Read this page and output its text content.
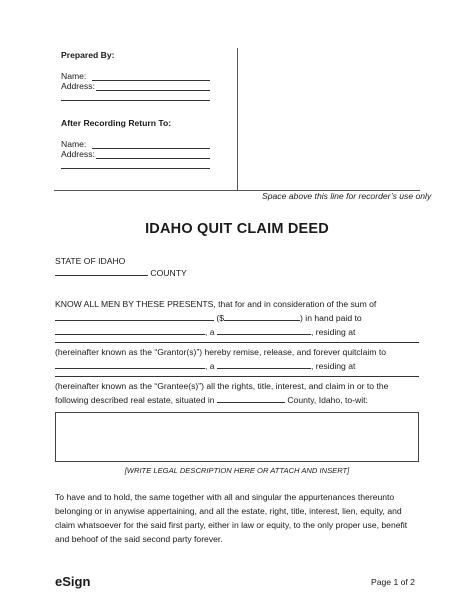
Prepared By:
Name:
Address:
After Recording Return To:
Name:
Address:
Space above this line for recorder’s use only
IDAHO QUIT CLAIM DEED
STATE OF IDAHO
COUNTY
KNOW ALL MEN BY THESE PRESENTS, that for and in consideration of the sum of
($	) in hand paid to
, a	, residing at
(hereinafter known as the “Grantor(s)”) hereby remise, release, and forever quitclaim to
, a	, residing at
(hereinafter known as the “Grantee(s)”) all the rights, title, interest, and claim in or to the
following described real estate, situated in	County, Idaho, to-wit:
[WRITE LEGAL DESCRIPTION HERE OR ATTACH AND INSERT]
To have and to hold, the same together with all and singular the appurtenances thereunto
belonging or in anywise appertaining, and all the estate, right, title, interest, lien, equity, and
claim whatsoever for the said first party, either in law or equity, to the only proper use, benefit
and behoof of the said second party forever.
eSign	Page 1 of 2
